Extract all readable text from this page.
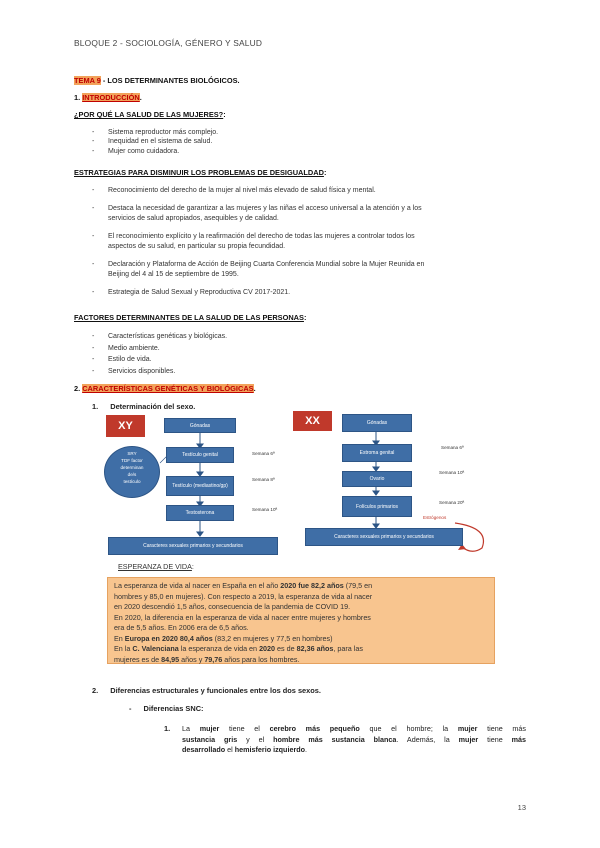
BLOQUE 2 - SOCIOLOGÍA, GÉNERO Y SALUD
TEMA 9 - LOS DETERMINANTES BIOLÓGICOS.
1. INTRODUCCIÓN.
¿POR QUÉ LA SALUD DE LAS MUJERES?:
- Sistema reproductor más complejo.
- Inequidad en el sistema de salud.
- Mujer como cuidadora.
ESTRATEGIAS PARA DISMINUIR LOS PROBLEMAS DE DESIGUALDAD:
- Reconocimiento del derecho de la mujer al nivel más elevado de salud física y mental.
- Destaca la necesidad de garantizar a las mujeres y las niñas el acceso universal a la atención y a los
servicios de salud apropiados, asequibles y de calidad.
- El reconocimiento explícito y la reafirmación del derecho de todas las mujeres a controlar todos los
aspectos de su salud, en particular su propia fecundidad.
- Declaración y Plataforma de Acción de Beijing Cuarta Conferencia Mundial sobre la Mujer Reunida en
Beijing del 4 al 15 de septiembre de 1995.
- Estrategia de Salud Sexual y Reproductiva CV 2017-2021.
FACTORES DETERMINANTES DE LA SALUD DE LAS PERSONAS:
- Características genéticas y biológicas.
- Medio ambiente.
- Estilo de vida.
- Servicios disponibles.
2. CARACTERÍSTICAS GENÉTICAS Y BIOLÓGICAS.
1. Determinación del sexo.
XY	Gónadas
Testículo genital
Testículo (mediastino/gp)
Testosterona
Caracteres sexuales primarios y secundarios
SRY
TDF factor
determinan
de/s
testículo
Semana 6ª
Semana 8ª
Semana 10ª
XX	Gónadas
Estroma genital
Ovario
Folículos primarios
Caracteres sexuales primarios y secundarios
Semana 6ª
Semana 10ª
Semana 20ª
Estrógenos
ESPERANZA DE VIDA:
La esperanza de vida al nacer en España en el año 2020 fue 82,2 años (79,5 en
hombres y 85,0 en mujeres). Con respecto a 2019, la esperanza de vida al nacer
en 2020 descendió 1,5 años, consecuencia de la pandemia de COVID 19.
En 2020, la diferencia en la esperanza de vida al nacer entre mujeres y hombres
era de 5,5 años. En 2006 era de 6,5 años.
En Europa en 2020 80,4 años (83,2 en mujeres y 77,5 en hombres)
En la C. Valenciana la esperanza de vida en 2020 es de 82,36 años, para las
mujeres es de 84,95 años y 79,76 años para los hombres.
2. Diferencias estructurales y funcionales entre los dos sexos.
- Diferencias SNC:
1. La mujer tiene el cerebro más pequeño que el hombre; la mujer tiene más
sustancia gris y el hombre más sustancia blanca. Además, la mujer tiene más
desarrollado el hemisferio izquierdo.
13
